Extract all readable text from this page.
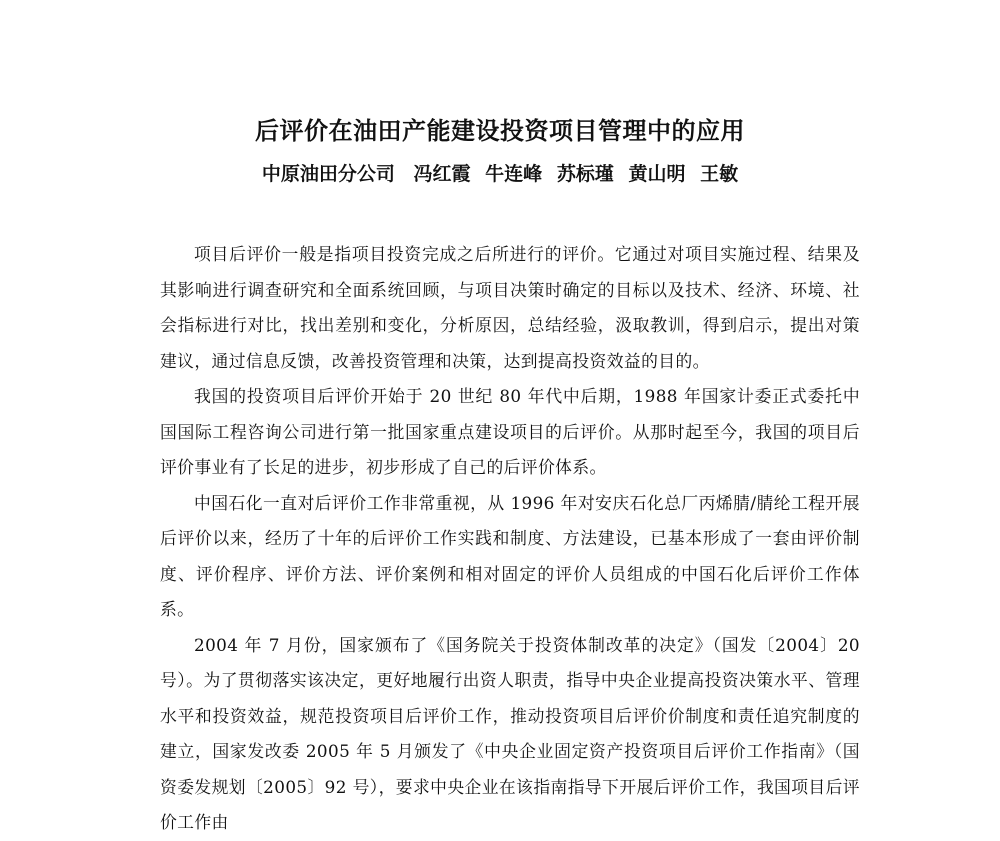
后评价在油田产能建设投资项目管理中的应用
中原油田分公司 冯红霞 牛连峰 苏标瑾 黄山明 王敏

项目后评价一般是指项目投资完成之后所进行的评价。它通过对项目实施过程、结果及其影响进行调查研究和全面系统回顾，与项目决策时确定的目标以及技术、经济、环境、社会指标进行对比，找出差别和变化，分析原因，总结经验，汲取教训，得到启示，提出对策建议，通过信息反馈，改善投资管理和决策，达到提高投资效益的目的。

我国的投资项目后评价开始于 20 世纪 80 年代中后期，1988 年国家计委正式委托中国国际工程咨询公司进行第一批国家重点建设项目的后评价。从那时起至今，我国的项目后评价事业有了长足的进步，初步形成了自己的后评价体系。

中国石化一直对后评价工作非常重视，从 1996 年对安庆石化总厂丙烯腈/腈纶工程开展后评价以来，经历了十年的后评价工作实践和制度、方法建设，已基本形成了一套由评价制度、评价程序、评价方法、评价案例和相对固定的评价人员组成的中国石化后评价工作体系。

2004 年 7 月份，国家颁布了《国务院关于投资体制改革的决定》（国发〔2004〕20 号）。为了贯彻落实该决定，更好地履行出资人职责，指导中央企业提高投资决策水平、管理水平和投资效益，规范投资项目后评价工作，推动投资项目后评价价制度和责任追究制度的建立，国家发改委 2005 年 5 月颁发了《中央企业固定资产投资项目后评价工作指南》（国资委发规划〔2005〕92 号），要求中央企业在该指南指导下开展后评价工作，我国项目后评价工作由
